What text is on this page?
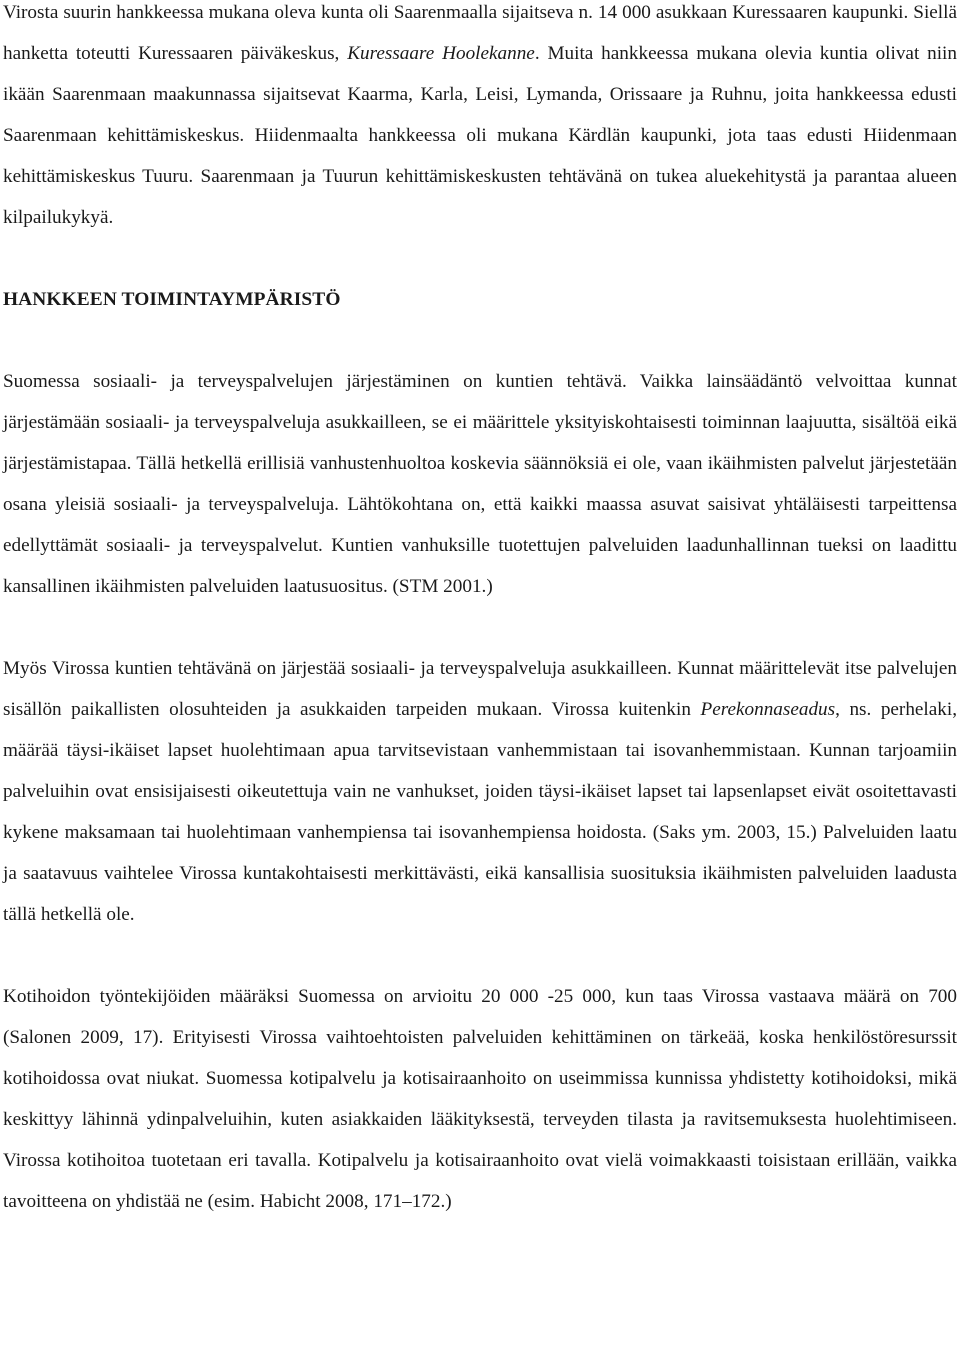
Virosta suurin hankkeessa mukana oleva kunta oli Saarenmaalla sijaitseva n. 14 000 asukkaan Kuressaaren kaupunki. Siellä hanketta toteutti Kuressaaren päiväkeskus, Kuressaare Hoolekanne. Muita hankkeessa mukana olevia kuntia olivat niin ikään Saarenmaan maakunnassa sijaitsevat Kaarma, Karla, Leisi, Lymanda, Orissaare ja Ruhnu, joita hankkeessa edusti Saarenmaan kehittämiskeskus. Hiidenmaalta hankkeessa oli mukana Kärdlän kaupunki, jota taas edusti Hiidenmaan kehittämiskeskus Tuuru. Saarenmaan ja Tuurun kehittämiskeskusten tehtävänä on tukea aluekehitystä ja parantaa alueen kilpailukykyä.

HANKKEEN TOIMINTAYMPÄRISTÖ

Suomessa sosiaali- ja terveyspalvelujen järjestäminen on kuntien tehtävä. Vaikka lainsäädäntö velvoittaa kunnat järjestämään sosiaali- ja terveyspalveluja asukkailleen, se ei määrittele yksityiskohtaisesti toiminnan laajuutta, sisältöä eikä järjestämistapaa. Tällä hetkellä erillisiä vanhustenhuoltoa koskevia säännöksiä ei ole, vaan ikäihmisten palvelut järjestetään osana yleisiä sosiaali- ja terveyspalveluja. Lähtökohtana on, että kaikki maassa asuvat saisivat yhtäläisesti tarpeittensa edellyttämät sosiaali- ja terveyspalvelut. Kuntien vanhuksille tuotettujen palveluiden laadunhallinnan tueksi on laadittu kansallinen ikäihmisten palveluiden laatusuositus. (STM 2001.)

Myös Virossa kuntien tehtävänä on järjestää sosiaali- ja terveyspalveluja asukkailleen. Kunnat määrittelevät itse palvelujen sisällön paikallisten olosuhteiden ja asukkaiden tarpeiden mukaan. Virossa kuitenkin Perekonnaseadus, ns. perhelaki, määrää täysi-ikäiset lapset huolehtimaan apua tarvitsevistaan vanhemmistaan tai isovanhemmistaan. Kunnan tarjoamiin palveluihin ovat ensisijaisesti oikeutettuja vain ne vanhukset, joiden täysi-ikäiset lapset tai lapsenlapset eivät osoitettavasti kykene maksamaan tai huolehtimaan vanhempiensa tai isovanhempiensa hoidosta. (Saks ym. 2003, 15.) Palveluiden laatu ja saatavuus vaihtelee Virossa kuntakohtaisesti merkittävästi, eikä kansallisia suosituksia ikäihmisten palveluiden laadusta tällä hetkellä ole.

Kotihoidon työntekijöiden määräksi Suomessa on arvioitu 20 000 -25 000, kun taas Virossa vastaava määrä on 700 (Salonen 2009, 17). Erityisesti Virossa vaihtoehtoisten palveluiden kehittäminen on tärkeää, koska henkilöstöresurssit kotihoidossa ovat niukat. Suomessa kotipalvelu ja kotisairaanhoito on useimmissa kunnissa yhdistetty kotihoidoksi, mikä keskittyy lähinnä ydinpalveluihin, kuten asiakkaiden lääkityksestä, terveyden tilasta ja ravitsemuksesta huolehtimiseen. Virossa kotihoitoa tuotetaan eri tavalla. Kotipalvelu ja kotisairaanhoito ovat vielä voimakkaasti toisistaan erillään, vaikka tavoitteena on yhdistää ne (esim. Habicht 2008, 171–172.)
